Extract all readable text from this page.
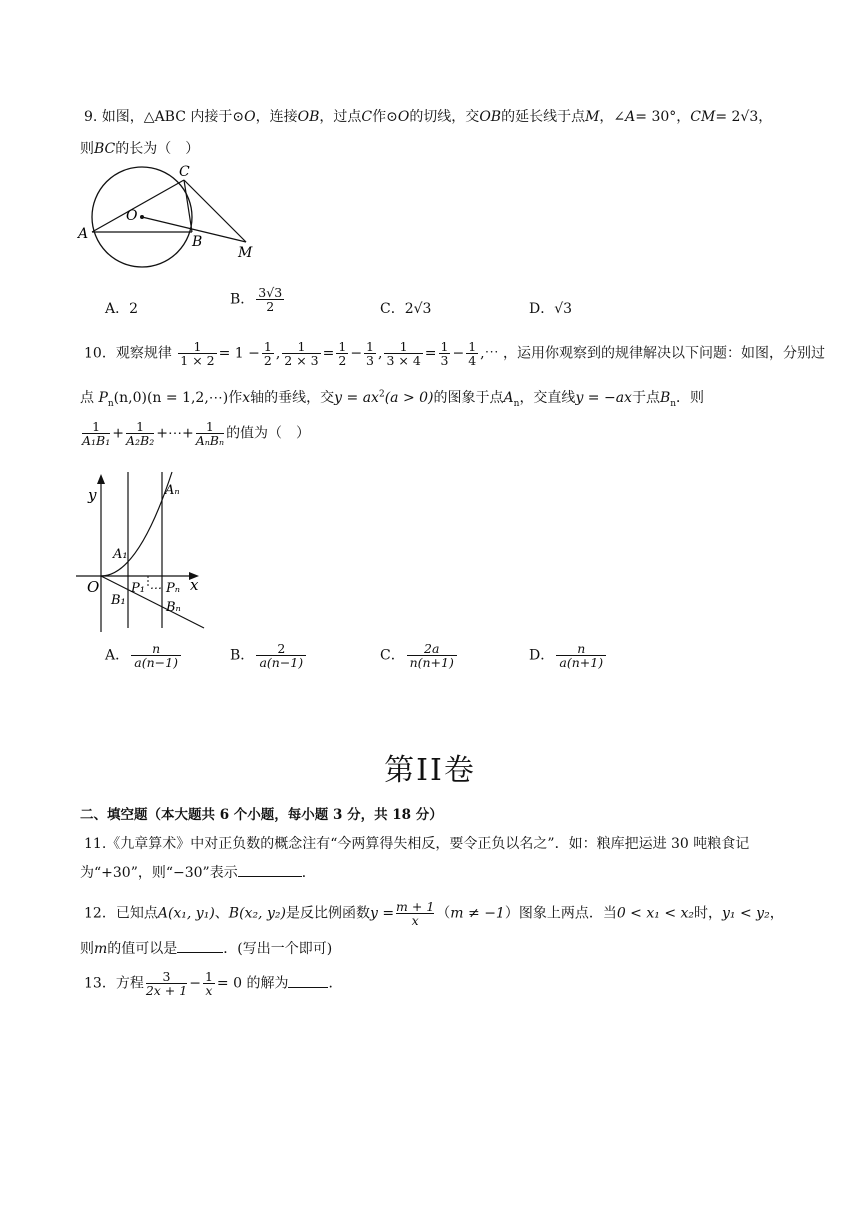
9. 如图，△ABC 内接于⊙O，连接OB，过点C作⊙O的切线，交OB的延长线于点M，∠A= 30°，CM= 2√3，
则BC的长为（　）
A
C
O
B
M
A．2
B． $\frac{3√3}{2}$	C．2√3	D．√3
10．观察规律 $\frac{1}{1 \times 2} = 1 - \frac{1}{2}$ , $\frac{1}{2 \times 3} = \frac{1}{2} - \frac{1}{3}$ , $\frac{1}{3 \times 4} = \frac{1}{3} - \frac{1}{4}$ ,⋯ ，运用你观察到的规律解决以下问题：如图，分别过
点 $P_n(n,0)(n$ = 1,2,⋯)作x轴的垂线，交$y = ax^2(a > 0)$的图象于点$A_n$，交直线y = −ax于点$B_n$．则
$\frac{1}{\text{A₁B₁}} + \frac{1}{\text{A₂B₂}}$ +⋯+ $\frac{1}{\text{AₙBₙ}}$ 的值为（　）
y
x
O
A₁
Aₙ
P₁ ⋯ Pₙ
B₁	Bₙ
A． $\frac{n}{a(n-1)}$	B． $\frac{2}{a(n-1)}$	C． $\frac{2a}{n(n+1)}$	D． $\frac{n}{a(n+1)}$
第II卷
二、填空题（本大题共 6 个小题，每小题 3 分，共 18 分）
11.《九章算术》中对正负数的概念注有“今两算得失相反，要令正负以名之”．如：粮库把运进 30 吨粮食记
为“+30”，则“−30”表示	．
12．已知点A(x₁, y₁)、B(x₂, y₂)是反比例函数$y = \frac{m + 1}{x} (m \ne -1)$图象上两点．当0 < x₁ < x₂时，y₁ < y₂，
则m的值可以是	．(写出一个即可)
13．方程 $\frac{3}{2x + 1} - \frac{1}{x} = 0$ 的解为	．
